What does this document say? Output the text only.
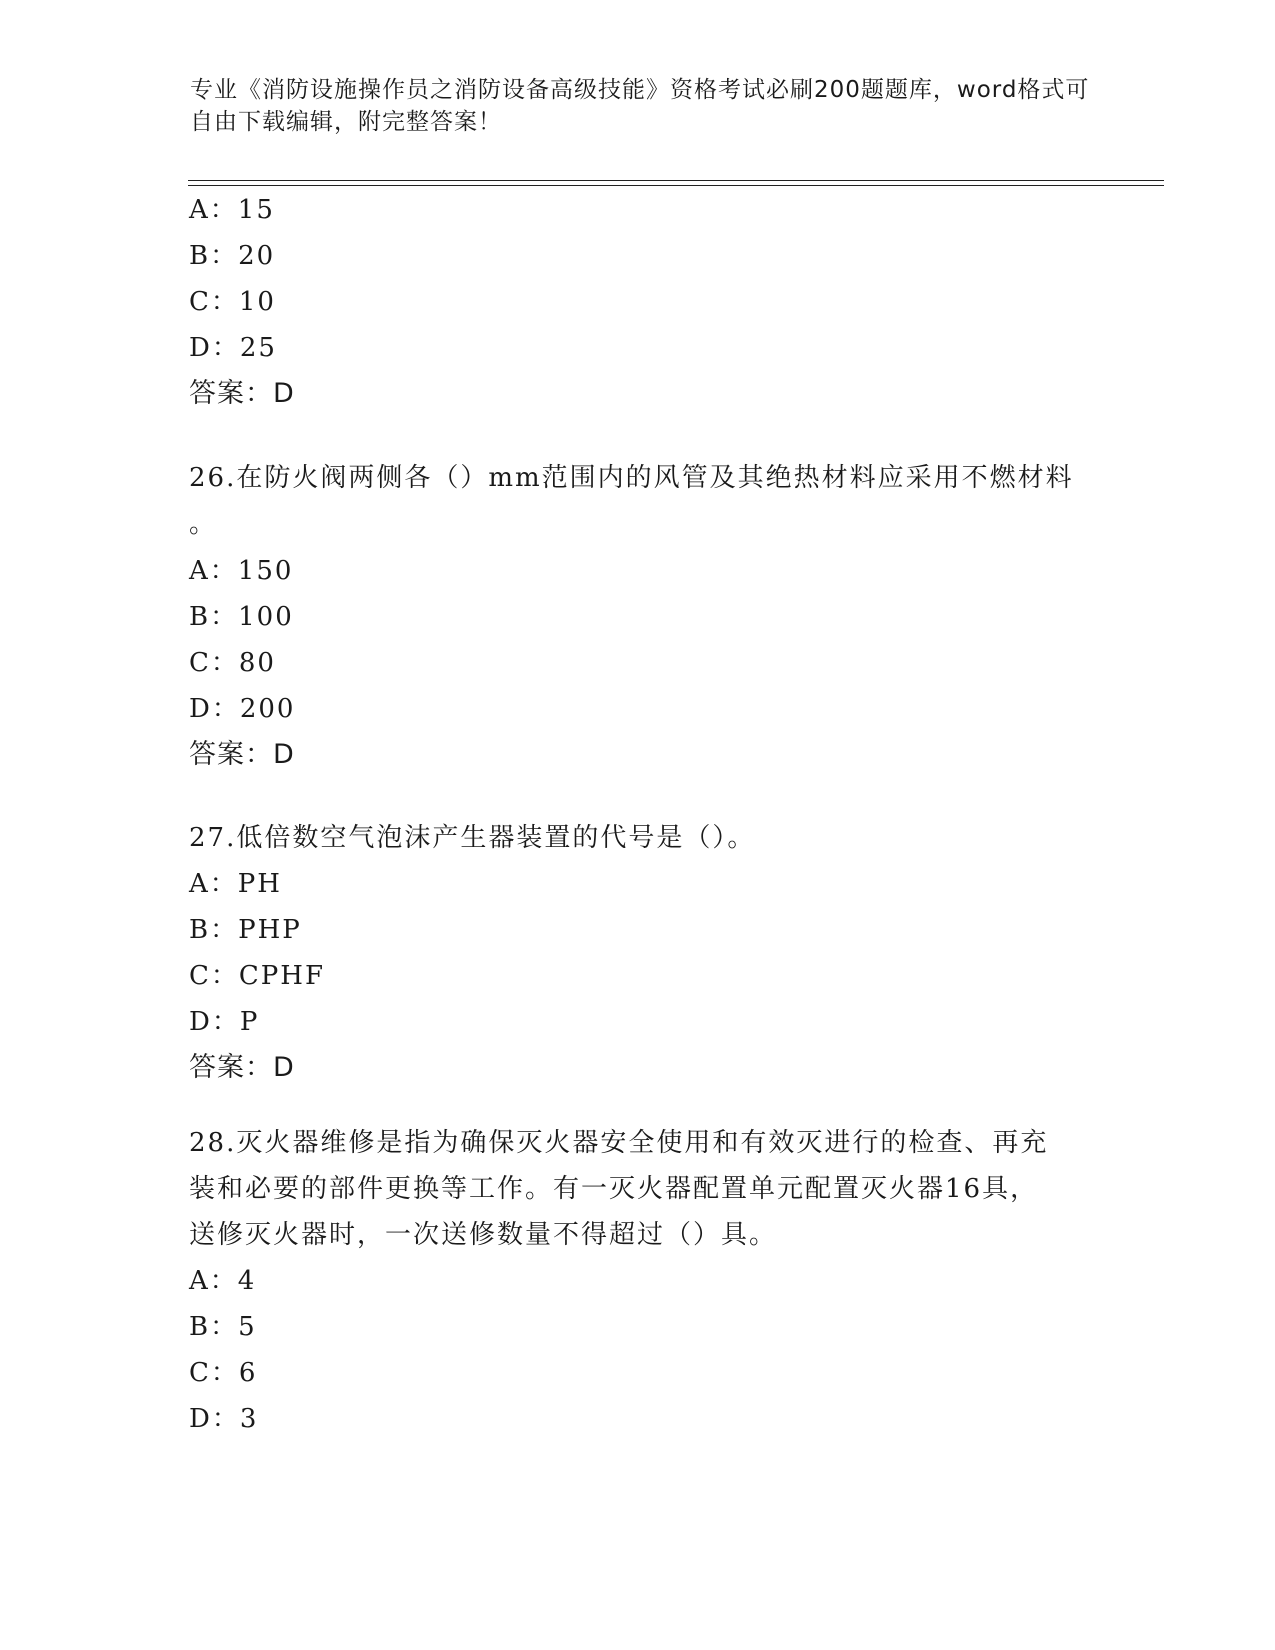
专业《消防设施操作员之消防设备高级技能》资格考试必刷200题题库，word格式可自由下载编辑，附完整答案！
A：15
B：20
C：10
D：25
答案：D
26.在防火阀两侧各（）mm范围内的风管及其绝热材料应采用不燃材料
。
A：150
B：100
C：80
D：200
答案：D
27.低倍数空气泡沫产生器装置的代号是（）。
A：PH
B：PHP
C：CPHF
D：P
答案：D
28.灭火器维修是指为确保灭火器安全使用和有效灭进行的检查、再充
装和必要的部件更换等工作。有一灭火器配置单元配置灭火器16具，
送修灭火器时，一次送修数量不得超过（）具。
A：4
B：5
C：6
D：3
